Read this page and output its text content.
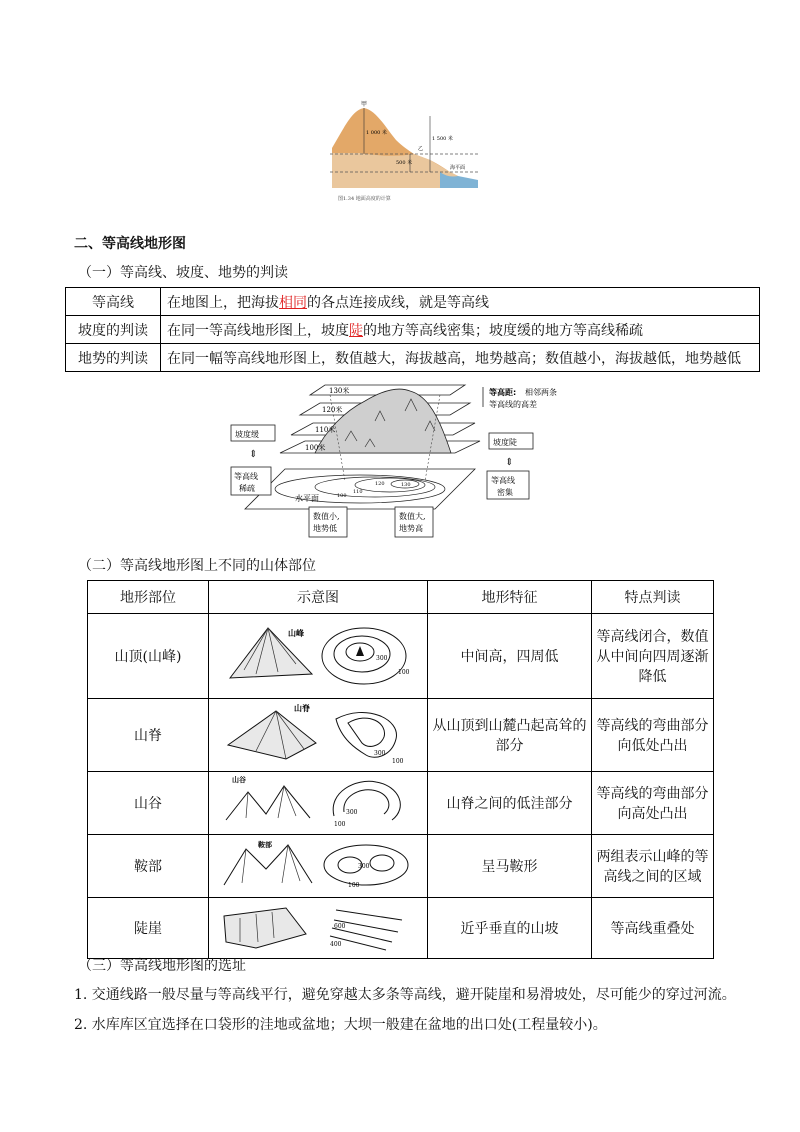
甲
1 000 米
1 500 米
乙
500 米
海平面
图1.34 地面高度的计算
二、等高线地形图
（一）等高线、坡度、地势的判读
等高线	在地图上，把海拔相同的各点连接成线，就是等高线
坡度的判读	在同一等高线地形图上，坡度陡的地方等高线密集；坡度缓的地方等高线稀疏
地势的判读	在同一幅等高线地形图上，数值越大，海拔越高，地势越高；数值越小，海拔越低，地势越低
130米
120米
110米
100米
等高距: 相邻两条
等高线的高差
坡度缓
坡度陡
⇕
⇕
等高线
稀疏
等高线
密集
水平面	100
110
120	130
数值小,
地势低
数值大,
地势高
（二）等高线地形图上不同的山体部位
地形部位	示意图	地形特征	特点判读
山顶(山峰)	山峰
300
100	中间高，四周低	等高线闭合，数值从中间向四周逐渐降低
山脊	山脊
300
100	从山顶到山麓凸起高耸的部分	等高线的弯曲部分向低处凸出
山谷	山谷
300
100	山脊之间的低洼部分	等高线的弯曲部分向高处凸出
鞍部	鞍部
300
100	呈马鞍形	两组表示山峰的等高线之间的区域
陡崖	600
400	近乎垂直的山坡	等高线重叠处
（三）等高线地形图的选址
1. 交通线路一般尽量与等高线平行，避免穿越太多条等高线，避开陡崖和易滑坡处，尽可能少的穿过河流。
2. 水库库区宜选择在口袋形的洼地或盆地；大坝一般建在盆地的出口处(工程量较小)。
